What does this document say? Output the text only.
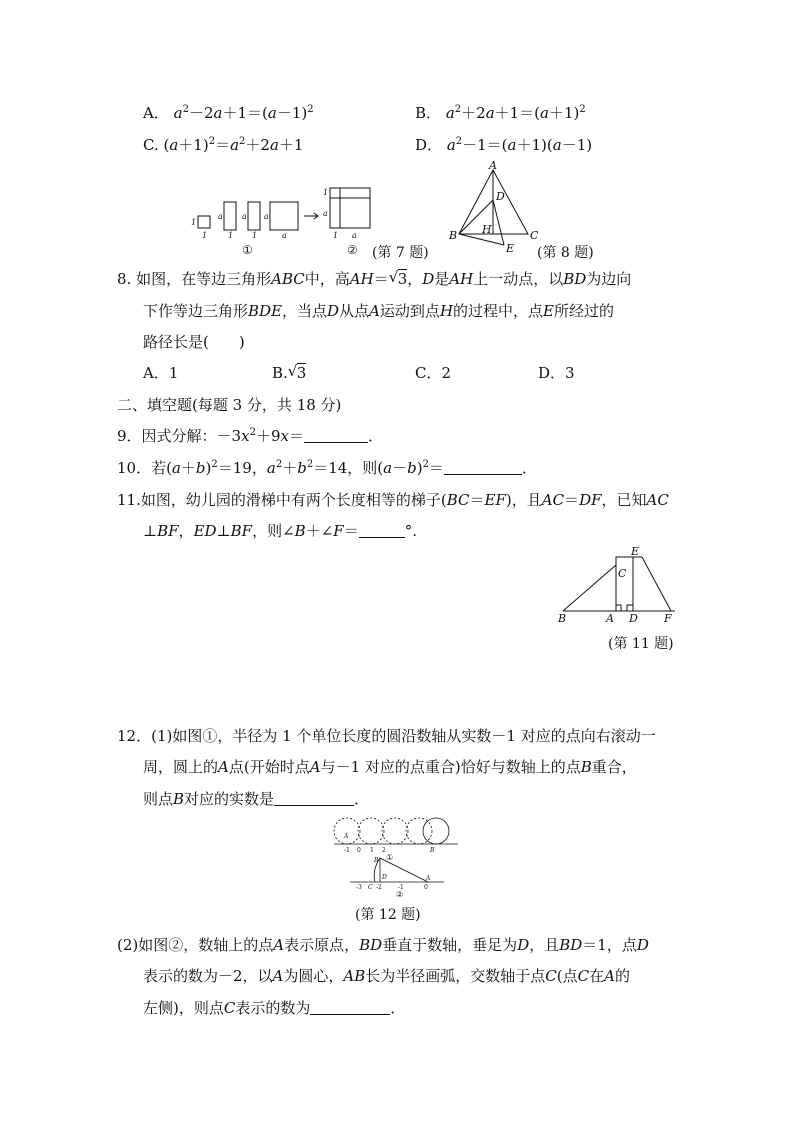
A． $a^2-2a+1=(a-1)^2$	B． $a^2+2a+1=(a+1)^2$
C. $(a+1)^2=a^2+2a+1$	D． $a^2-1=(a+1)(a-1)$
1
1
a
1
a
1
a
a
1
a
1 a
①	② (第 7 题)
A
D
H
B	C
E (第 8 题)
8. 如图，在等边三角形ABC中，高AH＝ √ 3，D是AH上一动点，以BD为边向
下作等边三角形BDE，当点D从点A运动到点H的过程中，点E所经过的
路径长是(　　)
A．1	B. √ 3	C．2	D．3
二、填空题(每题 3 分，共 18 分)
9．因式分解：$-3x^2+9x=$	．
10．若$(a+b)^2=19$，$a^2+b^2=14$，则$(a-b)^2=$	．
11.如图，幼儿园的滑梯中有两个长度相等的梯子(BC＝EF)，且AC＝DF，已知AC
⊥BF，ED⊥BF，则∠B＋∠F＝	°.
E
C
B	A D F
(第 11 题)
12．(1)如图①，半径为 1 个单位长度的圆沿数轴从实数－1 对应的点向右滚动一
周，圆上的A点(开始时点A与－1 对应的点重合)恰好与数轴上的点B重合，
则点B对应的实数是	．
-1 0 1 2	B
A
-3 C -2	-1	0
B
D	A
①
②
(第 12 题)
(2)如图②，数轴上的点A表示原点，BD垂直于数轴，垂足为D，且BD＝1，点D
表示的数为－2，以A为圆心，AB长为半径画弧，交数轴于点C(点C在A的
左侧)，则点C表示的数为	．
